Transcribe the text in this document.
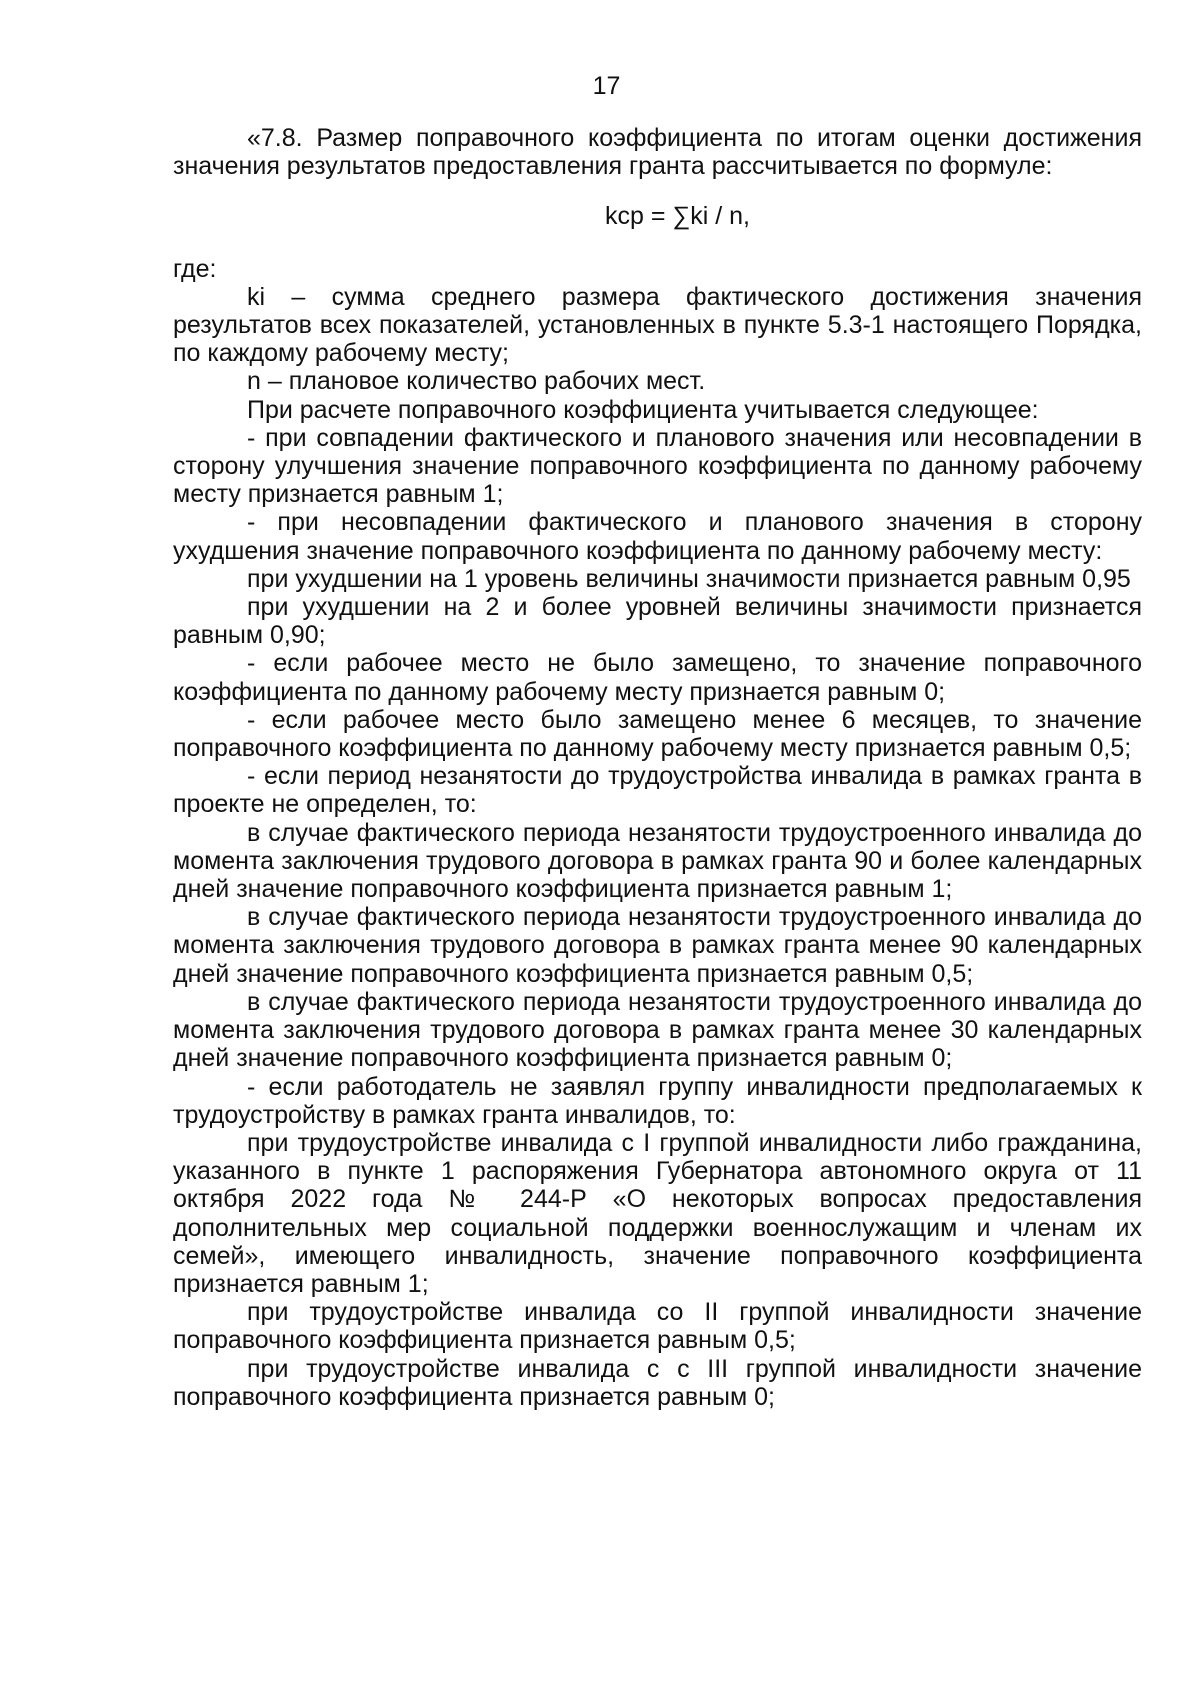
17

«7.8. Размер поправочного коэффициента по итогам оценки достижения значения результатов предоставления гранта рассчитывается по формуле:

kср = ∑ki / n,

где:

ki – сумма среднего размера фактического достижения значения результатов всех показателей, установленных в пункте 5.3-1 настоящего Порядка, по каждому рабочему месту;

n – плановое количество рабочих мест.

При расчете поправочного коэффициента учитывается следующее:

- при совпадении фактического и планового значения или несовпадении в сторону улучшения значение поправочного коэффициента по данному рабочему месту признается равным 1;

- при несовпадении фактического и планового значения в сторону ухудшения значение поправочного коэффициента по данному рабочему месту:

при ухудшении на 1 уровень величины значимости признается равным 0,95

при ухудшении на 2 и более уровней величины значимости признается равным 0,90;

- если рабочее место не было замещено, то значение поправочного коэффициента по данному рабочему месту признается равным 0;

- если рабочее место было замещено менее 6 месяцев, то значение поправочного коэффициента по данному рабочему месту признается равным 0,5;

- если период незанятости до трудоустройства инвалида в рамках гранта в проекте не определен, то:

в случае фактического периода незанятости трудоустроенного инвалида до момента заключения трудового договора в рамках гранта 90 и более календарных дней значение поправочного коэффициента признается равным 1;

в случае фактического периода незанятости трудоустроенного инвалида до момента заключения трудового договора в рамках гранта менее 90 календарных дней значение поправочного коэффициента признается равным 0,5;

в случае фактического периода незанятости трудоустроенного инвалида до момента заключения трудового договора в рамках гранта менее 30 календарных дней значение поправочного коэффициента признается равным 0;

- если работодатель не заявлял группу инвалидности предполагаемых к трудоустройству в рамках гранта инвалидов, то:

при трудоустройстве инвалида с I группой инвалидности либо гражданина, указанного в пункте 1 распоряжения Губернатора автономного округа от 11 октября 2022 года № 244-Р «О некоторых вопросах предоставления дополнительных мер социальной поддержки военнослужащим и членам их семей», имеющего инвалидность, значение поправочного коэффициента признается равным 1;

при трудоустройстве инвалида со II группой инвалидности значение поправочного коэффициента признается равным 0,5;

при трудоустройстве инвалида с с III группой инвалидности значение поправочного коэффициента признается равным 0;
